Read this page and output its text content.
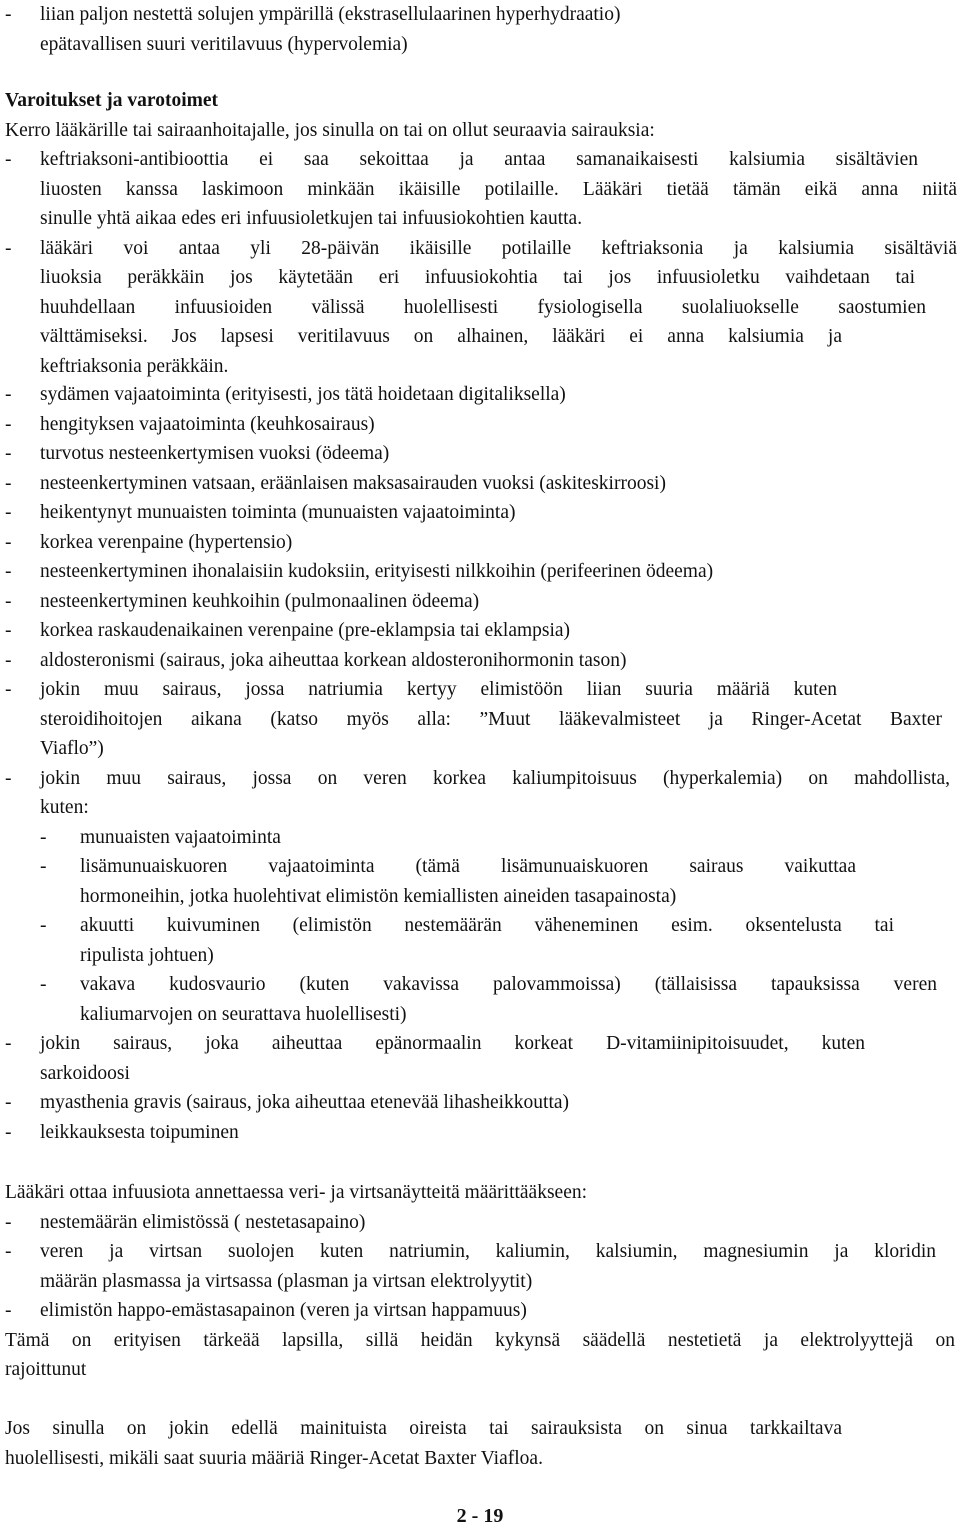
- liian paljon nestettä solujen ympärillä (ekstrasellulaarinen hyperhydraatio)
epätavallisen suuri veritilavuus (hypervolemia)
Varoitukset ja varotoimet
Kerro lääkärille tai sairaanhoitajalle, jos sinulla on tai on ollut seuraavia sairauksia:
- keftriaksoni-antibioottia ei saa sekoittaa ja antaa samanaikaisesti kalsiumia sisältävien
liuosten kanssa laskimoon minkään ikäisille potilaille. Lääkäri tietää tämän eikä anna niitä
sinulle yhtä aikaa edes eri infuusioletkujen tai infuusiokohtien kautta.
- lääkäri voi antaa yli 28-päivän ikäisille potilaille keftriaksonia ja kalsiumia sisältäviä
liuoksia peräkkäin jos käytetään eri infuusiokohtia tai jos infuusioletku vaihdetaan tai
huuhdellaan infuusioiden välissä huolellisesti fysiologisella suolaliuokselle saostumien
välttämiseksi. Jos lapsesi veritilavuus on alhainen, lääkäri ei anna kalsiumia ja
keftriaksonia peräkkäin.
- sydämen vajaatoiminta (erityisesti, jos tätä hoidetaan digitaliksella)
- hengityksen vajaatoiminta (keuhkosairaus)
- turvotus nesteenkertymisen vuoksi (ödeema)
- nesteenkertyminen vatsaan, eräänlaisen maksasairauden vuoksi (askiteskirroosi)
- heikentynyt munuaisten toiminta (munuaisten vajaatoiminta)
- korkea verenpaine (hypertensio)
- nesteenkertyminen ihonalaisiin kudoksiin, erityisesti nilkkoihin (perifeerinen ödeema)
- nesteenkertyminen keuhkoihin (pulmonaalinen ödeema)
- korkea raskaudenaikainen verenpaine (pre-eklampsia tai eklampsia)
- aldosteronismi (sairaus, joka aiheuttaa korkean aldosteronihormonin tason)
- jokin muu sairaus, jossa natriumia kertyy elimistöön liian suuria määriä kuten
steroidihoitojen aikana (katso myös alla: ”Muut lääkevalmisteet ja Ringer-Acetat Baxter
Viaflo”)
- jokin muu sairaus, jossa on veren korkea kaliumpitoisuus (hyperkalemia) on mahdollista,
kuten:
- munuaisten vajaatoiminta
- lisämunuaiskuoren vajaatoiminta (tämä lisämunuaiskuoren sairaus vaikuttaa
hormoneihin, jotka huolehtivat elimistön kemiallisten aineiden tasapainosta)
- akuutti kuivuminen (elimistön nestemäärän väheneminen esim. oksentelusta tai
ripulista johtuen)
- vakava kudosvaurio (kuten vakavissa palovammoissa) (tällaisissa tapauksissa veren
kaliumarvojen on seurattava huolellisesti)
- jokin sairaus, joka aiheuttaa epänormaalin korkeat D-vitamiinipitoisuudet, kuten
sarkoidoosi
- myasthenia gravis (sairaus, joka aiheuttaa etenevää lihasheikkoutta)
- leikkauksesta toipuminen
Lääkäri ottaa infuusiota annettaessa veri- ja virtsanäytteitä määrittääkseen:
- nestemäärän elimistössä ( nestetasapaino)
- veren ja virtsan suolojen kuten natriumin, kaliumin, kalsiumin, magnesiumin ja kloridin
määrän plasmassa ja virtsassa (plasman ja virtsan elektrolyytit)
- elimistön happo-emästasapainon (veren ja virtsan happamuus)
Tämä on erityisen tärkeää lapsilla, sillä heidän kykynsä säädellä nestetietä ja elektrolyyttejä on
rajoittunut
Jos sinulla on jokin edellä mainituista oireista tai sairauksista on sinua tarkkailtava
huolellisesti, mikäli saat suuria määriä Ringer-Acetat Baxter Viafloa.
2 - 19
